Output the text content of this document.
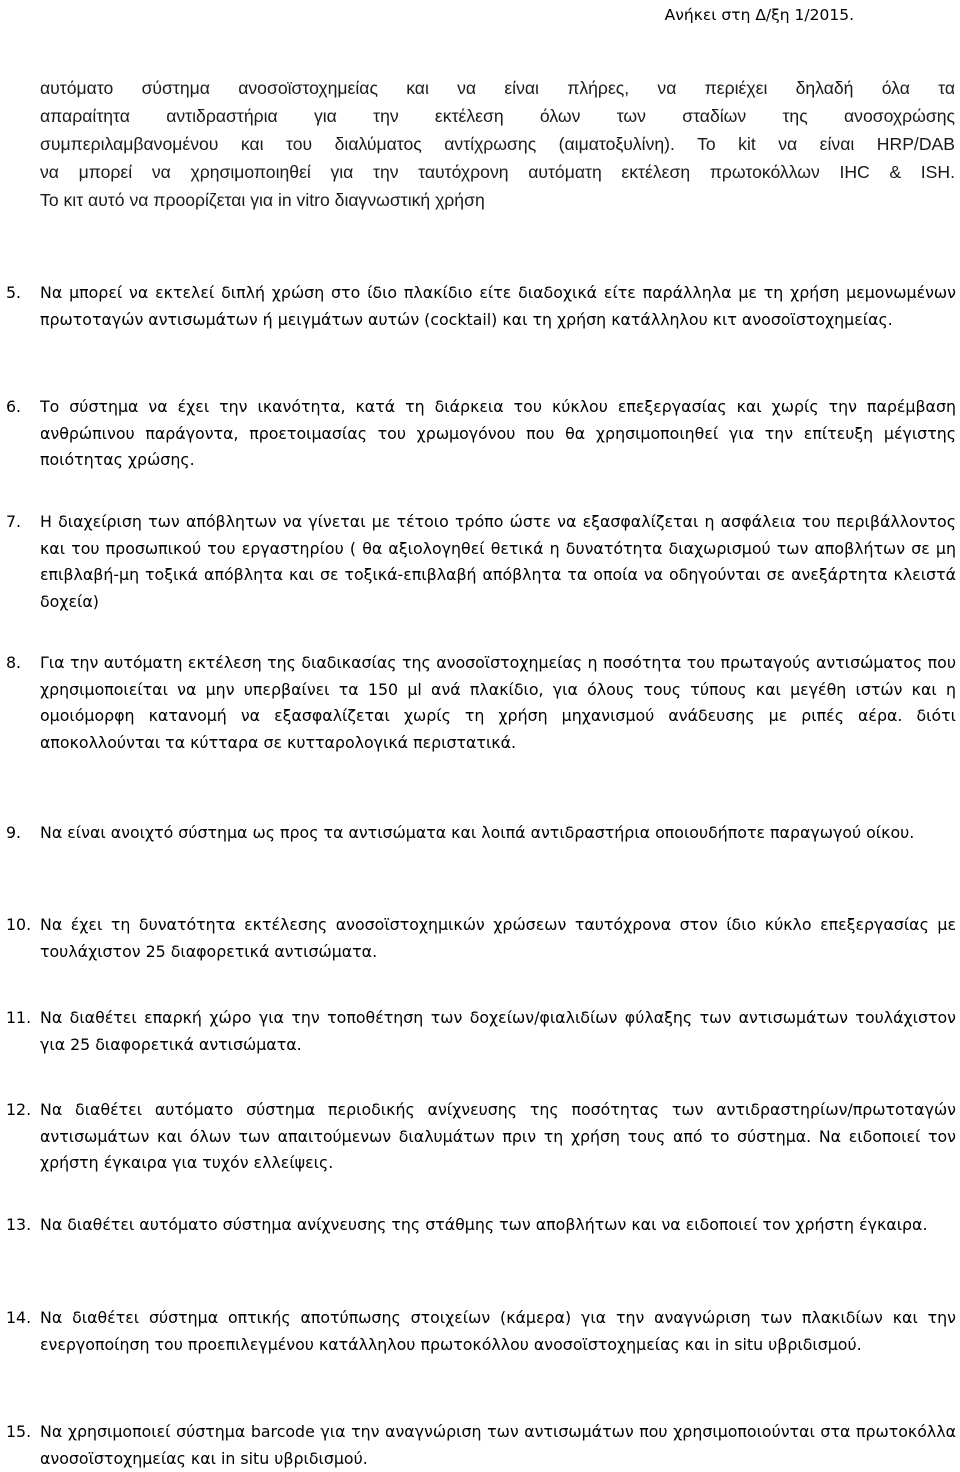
Ανήκει στη Δ/ξη 1/2015.

αυτόματο σύστημα ανοσοϊστοχημείας και να είναι πλήρες, να περιέχει δηλαδή όλα τα

απαραίτητα αντιδραστήρια για την εκτέλεση όλων των σταδίων της ανοσοχρώσης

συμπεριλαμβανομένου και του διαλύματος αντίχρωσης (αιματοξυλίνη). Το kit να είναι HRP/DAB

να μπορεί να χρησιμοποιηθεί για την ταυτόχρονη αυτόματη εκτέλεση πρωτοκόλλων IHC & ISH.

Το κιτ αυτό να προορίζεται για in vitro διαγνωστική χρήση

5. Να μπορεί να εκτελεί διπλή χρώση στο ίδιο πλακίδιο είτε διαδοχικά είτε παράλληλα με τη χρήση μεμονωμένων πρωτοταγών αντισωμάτων ή μειγμάτων αυτών (cocktail) και τη χρήση κατάλληλου κιτ ανοσοϊστοχημείας.
6. Το σύστημα να έχει την ικανότητα, κατά τη διάρκεια του κύκλου επεξεργασίας και χωρίς την παρέμβαση ανθρώπινου παράγοντα, προετοιμασίας του χρωμογόνου που θα χρησιμοποιηθεί για την επίτευξη μέγιστης ποιότητας χρώσης.
7. Η διαχείριση των απόβλητων να γίνεται με τέτοιο τρόπο ώστε να εξασφαλίζεται η ασφάλεια του περιβάλλοντος και του προσωπικού του εργαστηρίου ( θα αξιολογηθεί θετικά η δυνατότητα διαχωρισμού των αποβλήτων σε μη επιβλαβή-μη τοξικά απόβλητα και σε τοξικά-επιβλαβή απόβλητα τα οποία να οδηγούνται σε ανεξάρτητα κλειστά δοχεία)
8. Για την αυτόματη εκτέλεση της διαδικασίας της ανοσοϊστοχημείας η ποσότητα του πρωταγούς αντισώματος που χρησιμοποιείται να μην υπερβαίνει τα 150 μl ανά πλακίδιο, για όλους τους τύπους και μεγέθη ιστών και η ομοιόμορφη κατανομή να εξασφαλίζεται χωρίς τη χρήση μηχανισμού ανάδευσης με ριπές αέρα. διότι αποκολλούνται τα κύτταρα σε κυτταρολογικά περιστατικά.
9. Να είναι ανοιχτό σύστημα ως προς τα αντισώματα και λοιπά αντιδραστήρια οποιουδήποτε παραγωγού οίκου.
10. Να έχει τη δυνατότητα εκτέλεσης ανοσοϊστοχημικών χρώσεων ταυτόχρονα στον ίδιο κύκλο επεξεργασίας με τουλάχιστον 25 διαφορετικά αντισώματα.
11. Να διαθέτει επαρκή χώρο για την τοποθέτηση των δοχείων/φιαλιδίων φύλαξης των αντισωμάτων τουλάχιστον για 25 διαφορετικά αντισώματα.
12. Να διαθέτει αυτόματο σύστημα περιοδικής ανίχνευσης της ποσότητας των αντιδραστηρίων/πρωτοταγών αντισωμάτων και όλων των απαιτούμενων διαλυμάτων πριν τη χρήση τους από το σύστημα. Να ειδοποιεί τον χρήστη έγκαιρα για τυχόν ελλείψεις.
13. Να διαθέτει αυτόματο σύστημα ανίχνευσης της στάθμης των αποβλήτων και να ειδοποιεί τον χρήστη έγκαιρα.
14. Να διαθέτει σύστημα οπτικής αποτύπωσης στοιχείων (κάμερα) για την αναγνώριση των πλακιδίων και την ενεργοποίηση του προεπιλεγμένου κατάλληλου πρωτοκόλλου ανοσοϊστοχημείας και in situ υβριδισμού.
15. Να χρησιμοποιεί σύστημα barcode για την αναγνώριση των αντισωμάτων που χρησιμοποιούνται στα πρωτοκόλλα ανοσοϊστοχημείας και in situ υβριδισμού.
